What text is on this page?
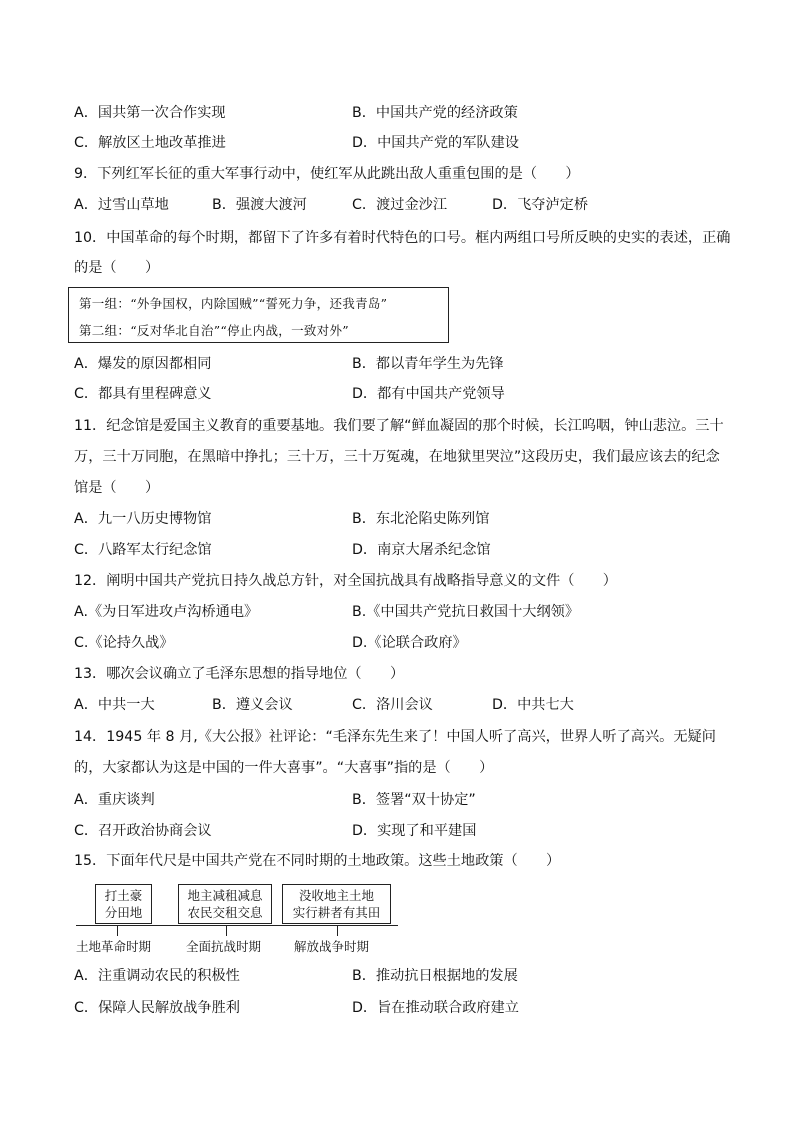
A．国共第一次合作实现	B．中国共产党的经济政策
C．解放区土地改革推进	D．中国共产党的军队建设
9．下列红军长征的重大军事行动中，使红军从此跳出敌人重重包围的是（　　）
A．过雪山草地	B．强渡大渡河	C．渡过金沙江	D．飞夺泸定桥
10．中国革命的每个时期，都留下了许多有着时代特色的口号。框内两组口号所反映的史实的表述，正确
的是（　　）
第一组：“外争国权，内除国贼”“誓死力争，还我青岛”
第二组：“反对华北自治”“停止内战，一致对外”
A．爆发的原因都相同	B．都以青年学生为先锋
C．都具有里程碑意义	D．都有中国共产党领导
11．纪念馆是爱国主义教育的重要基地。我们要了解“鲜血凝固的那个时候，长江呜咽，钟山悲泣。三十
万，三十万同胞，在黑暗中挣扎；三十万，三十万冤魂，在地狱里哭泣”这段历史，我们最应该去的纪念
馆是（　　）
A．九一八历史博物馆	B．东北沦陷史陈列馆
C．八路军太行纪念馆	D．南京大屠杀纪念馆
12．阐明中国共产党抗日持久战总方针，对全国抗战具有战略指导意义的文件（　　）
A.《为日军进攻卢沟桥通电》	B.《中国共产党抗日救国十大纲领》
C.《论持久战》	D.《论联合政府》
13．哪次会议确立了毛泽东思想的指导地位（　　）
A．中共一大	B．遵义会议	C．洛川会议	D．中共七大
14．1945 年 8 月,《大公报》社评论：“毛泽东先生来了！中国人听了高兴，世界人听了高兴。无疑问
的，大家都认为这是中国的一件大喜事”。“大喜事”指的是（　　）
A．重庆谈判	B．签署“双十协定”
C．召开政治协商会议	D．实现了和平建国
15．下面年代尺是中国共产党在不同时期的土地政策。这些土地政策（　　）
打土豪
分田地
地主减租减息
农民交租交息
没收地主土地
实行耕者有其田
土地革命时期	全面抗战时期	解放战争时期
A．注重调动农民的积极性	B．推动抗日根据地的发展
C．保障人民解放战争胜利	D．旨在推动联合政府建立
